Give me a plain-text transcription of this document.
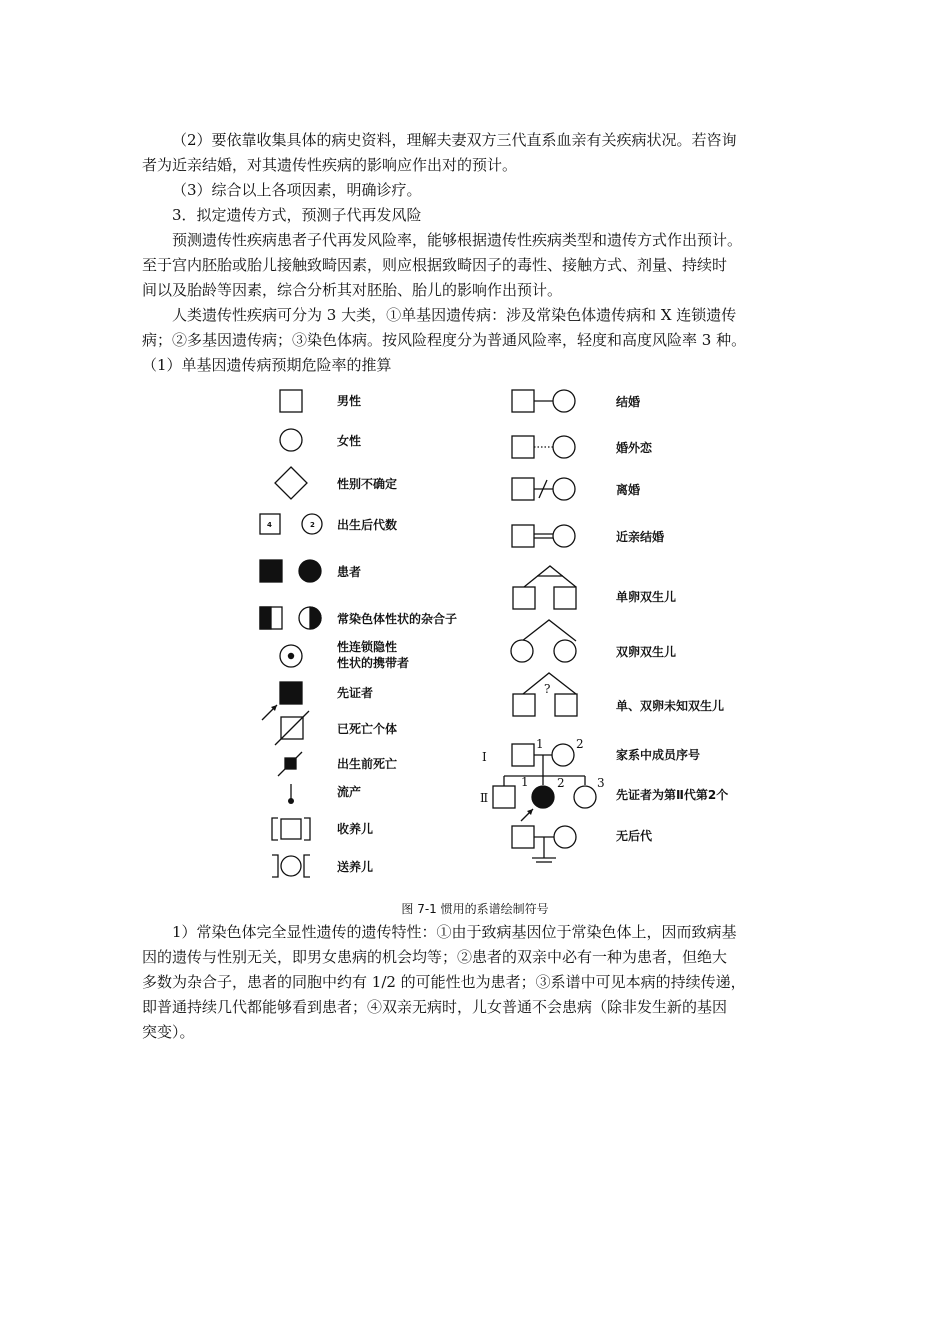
（2）要依靠收集具体的病史资料，理解夫妻双方三代直系血亲有关疾病状况。若咨询

者为近亲结婚，对其遗传性疾病的影响应作出对的预计。

（3）综合以上各项因素，明确诊疗。

3．拟定遗传方式，预测子代再发风险

预测遗传性疾病患者子代再发风险率，能够根据遗传性疾病类型和遗传方式作出预计。

至于宫内胚胎或胎儿接触致畸因素，则应根据致畸因子的毒性、接触方式、剂量、持续时

间以及胎龄等因素，综合分析其对胚胎、胎儿的影响作出预计。

人类遗传性疾病可分为 3 大类，①单基因遗传病：涉及常染色体遗传病和 X 连锁遗传

病；②多基因遗传病；③染色体病。按风险程度分为普通风险率，轻度和高度风险率 3 种。

（1）单基因遗传病预期危险率的推算

男性
女性
性别不确定
4	2 出生后代数
患者
常染色体性状的杂合子
性连锁隐性
性状的携带者
先证者
已死亡个体
出生前死亡
流产
收养儿
送养儿
结婚
婚外恋
离婚
近亲结婚
单卵双生儿
双卵双生儿
?
单、双卵未知双生儿
Ⅰ
1	2
Ⅱ
1 2	3
家系中成员序号
先证者为第Ⅱ代第2个
无后代
图 7-1 惯用的系谱绘制符号

1）常染色体完全显性遗传的遗传特性：①由于致病基因位于常染色体上，因而致病基

因的遗传与性别无关，即男女患病的机会均等；②患者的双亲中必有一种为患者，但绝大

多数为杂合子，患者的同胞中约有 1/2 的可能性也为患者；③系谱中可见本病的持续传递，

即普通持续几代都能够看到患者；④双亲无病时，儿女普通不会患病（除非发生新的基因

突变）。
